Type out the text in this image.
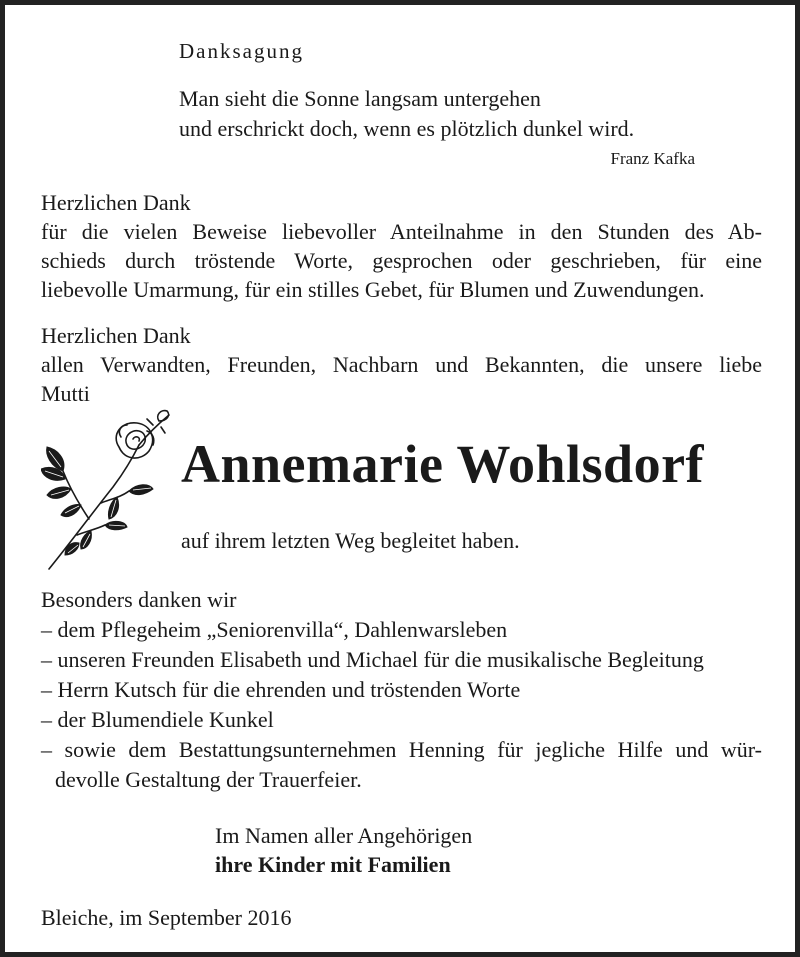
Danksagung
Man sieht die Sonne langsam untergehen
und erschrickt doch, wenn es plötzlich dunkel wird.
Franz Kafka
Herzlichen Dank
für die vielen Beweise liebevoller Anteilnahme in den Stunden des Ab-
schieds durch tröstende Worte, gesprochen oder geschrieben, für eine
liebevolle Umarmung, für ein stilles Gebet, für Blumen und Zuwendungen.
Herzlichen Dank
allen Verwandten, Freunden, Nachbarn und Bekannten, die unsere liebe
Mutti
Annemarie Wohlsdorf
auf ihrem letzten Weg begleitet haben.
Besonders danken wir
– dem Pflegeheim „Seniorenvilla“, Dahlenwarsleben
– unseren Freunden Elisabeth und Michael für die musikalische Begleitung
– Herrn Kutsch für die ehrenden und tröstenden Worte
– der Blumendiele Kunkel
– sowie dem Bestattungsunternehmen Henning für jegliche Hilfe und wür-
devolle Gestaltung der Trauerfeier.
Im Namen aller Angehörigen
ihre Kinder mit Familien
Bleiche, im September 2016
